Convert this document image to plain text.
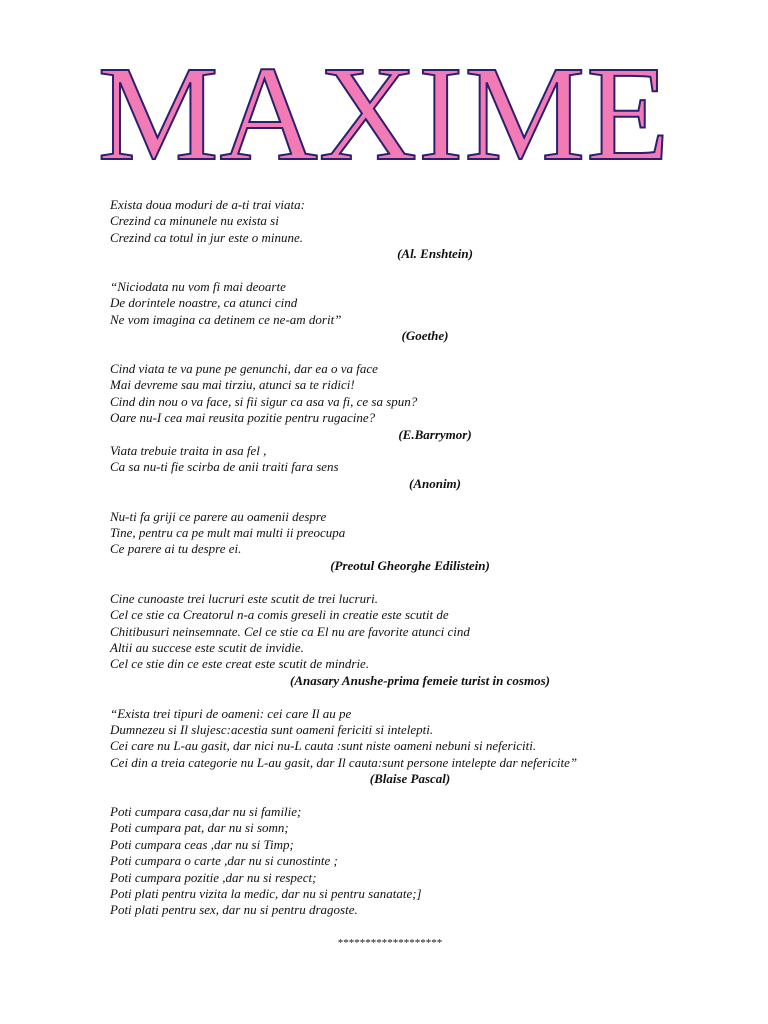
MAXIME
Exista doua moduri de a-ti trai viata:
Crezind ca minunele nu exista si
Crezind ca totul in jur este o minune.
(Al. Enshtein)
“Niciodata nu vom fi mai deoarte
De dorintele noastre, ca atunci cind
Ne vom imagina ca detinem ce ne-am dorit”
(Goethe)
Cind viata te va pune pe genunchi, dar ea o va face
Mai devreme sau mai tirziu, atunci sa te ridici!
Cind din nou o va face, si fii sigur ca asa va fi, ce sa spun?
Oare nu-I cea mai reusita pozitie pentru rugacine?
(E.Barrymor)
Viata trebuie traita in asa fel ,
Ca sa nu-ti fie scirba de anii traiti fara sens
(Anonim)
Nu-ti fa griji ce parere au oamenii despre
Tine, pentru ca pe mult mai multi ii preocupa
Ce parere ai tu despre ei.
(Preotul Gheorghe Edilistein)
Cine cunoaste trei lucruri este scutit de trei lucruri.
Cel ce stie ca Creatorul n-a comis greseli in creatie este scutit de
Chitibusuri neinsemnate. Cel ce stie ca El nu are favorite atunci cind
Altii au succese este scutit de invidie.
Cel ce stie din ce este creat este scutit de mindrie.
(Anasary Anushe-prima femeie turist in cosmos)
“Exista trei tipuri de oameni: cei care Il au pe
Dumnezeu si Il slujesc:acestia sunt oameni fericiti si intelepti.
Cei care nu L-au gasit, dar nici nu-L cauta :sunt niste oameni nebuni si nefericiti.
Cei din a treia categorie nu L-au gasit, dar Il cauta:sunt persone intelepte dar nefericite”
(Blaise Pascal)
Poti cumpara casa,dar nu si familie;
Poti cumpara pat, dar nu si somn;
Poti cumpara ceas ,dar nu si Timp;
Poti cumpara o carte ,dar nu si cunostinte ;
Poti cumpara pozitie ,dar nu si respect;
Poti plati pentru vizita la medic, dar nu si pentru sanatate;]
Poti plati pentru sex, dar nu si pentru dragoste.
*******************
